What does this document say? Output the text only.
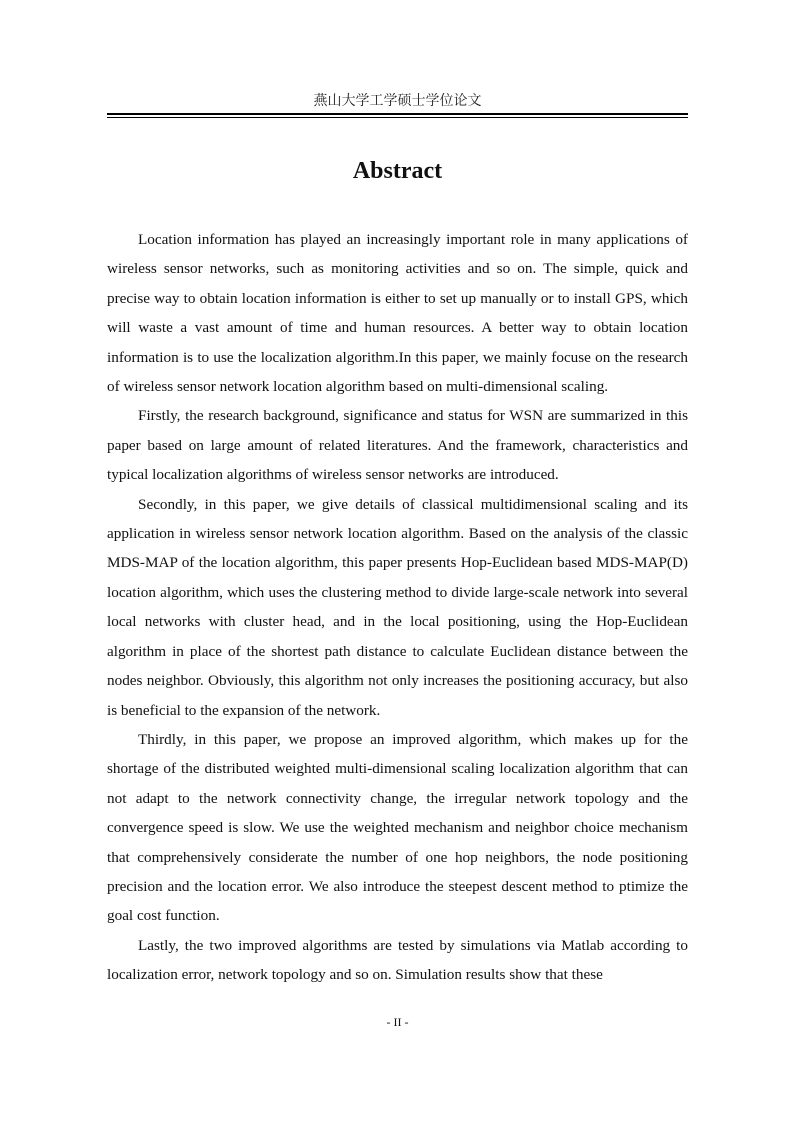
燕山大学工学硕士学位论文
Abstract

Location information has played an increasingly important role in many applications of wireless sensor networks, such as monitoring activities and so on. The simple, quick and precise way to obtain location information is either to set up manually or to install GPS, which will waste a vast amount of time and human resources. A better way to obtain location information is to use the localization algorithm.In this paper, we mainly focuse on the research of wireless sensor network location algorithm based on multi-dimensional scaling.

Firstly, the research background, significance and status for WSN are summarized in this paper based on large amount of related literatures. And the framework, characteristics and typical localization algorithms of wireless sensor networks are introduced.

Secondly, in this paper, we give details of classical multidimensional scaling and its application in wireless sensor network location algorithm. Based on the analysis of the classic MDS-MAP of the location algorithm, this paper presents Hop-Euclidean based MDS-MAP(D) location algorithm, which uses the clustering method to divide large-scale network into several local networks with cluster head, and in the local positioning, using the Hop-Euclidean algorithm in place of the shortest path distance to calculate Euclidean distance between the nodes neighbor. Obviously, this algorithm not only increases the positioning accuracy, but also is beneficial to the expansion of the network.

Thirdly, in this paper, we propose an improved algorithm, which makes up for the shortage of the distributed weighted multi-dimensional scaling localization algorithm that can not adapt to the network connectivity change, the irregular network topology and the convergence speed is slow. We use the weighted mechanism and neighbor choice mechanism that comprehensively considerate the number of one hop neighbors, the node positioning precision and the location error. We also introduce the steepest descent method to ptimize the goal cost function.

Lastly, the two improved algorithms are tested by simulations via Matlab according to localization error, network topology and so on. Simulation results show that these

- II -
